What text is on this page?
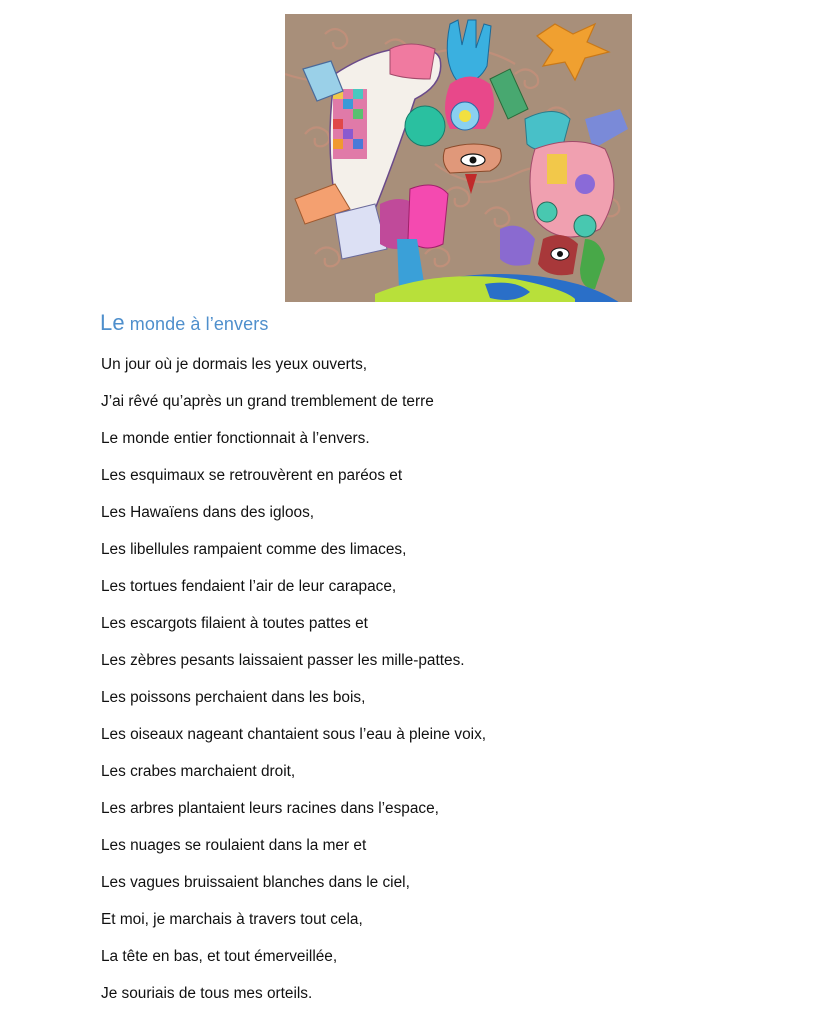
Le monde à l’envers
Un jour où je dormais les yeux ouverts,
J’ai rêvé qu’après un grand tremblement de terre
Le monde entier fonctionnait à l’envers.
Les esquimaux se retrouvèrent en paréos et
Les Hawaïens dans des igloos,
Les libellules rampaient comme des limaces,
Les tortues fendaient l’air de leur carapace,
Les escargots filaient à toutes pattes et
Les zèbres pesants laissaient passer les mille-pattes.
Les poissons perchaient dans les bois,
Les oiseaux nageant chantaient sous l’eau à pleine voix,
Les crabes marchaient droit,
Les arbres plantaient leurs racines dans l’espace,
Les nuages se roulaient dans la mer et
Les vagues bruissaient blanches dans le ciel,
Et moi, je marchais à travers tout cela,
La tête en bas, et tout émerveillée,
Je souriais de tous mes orteils.
